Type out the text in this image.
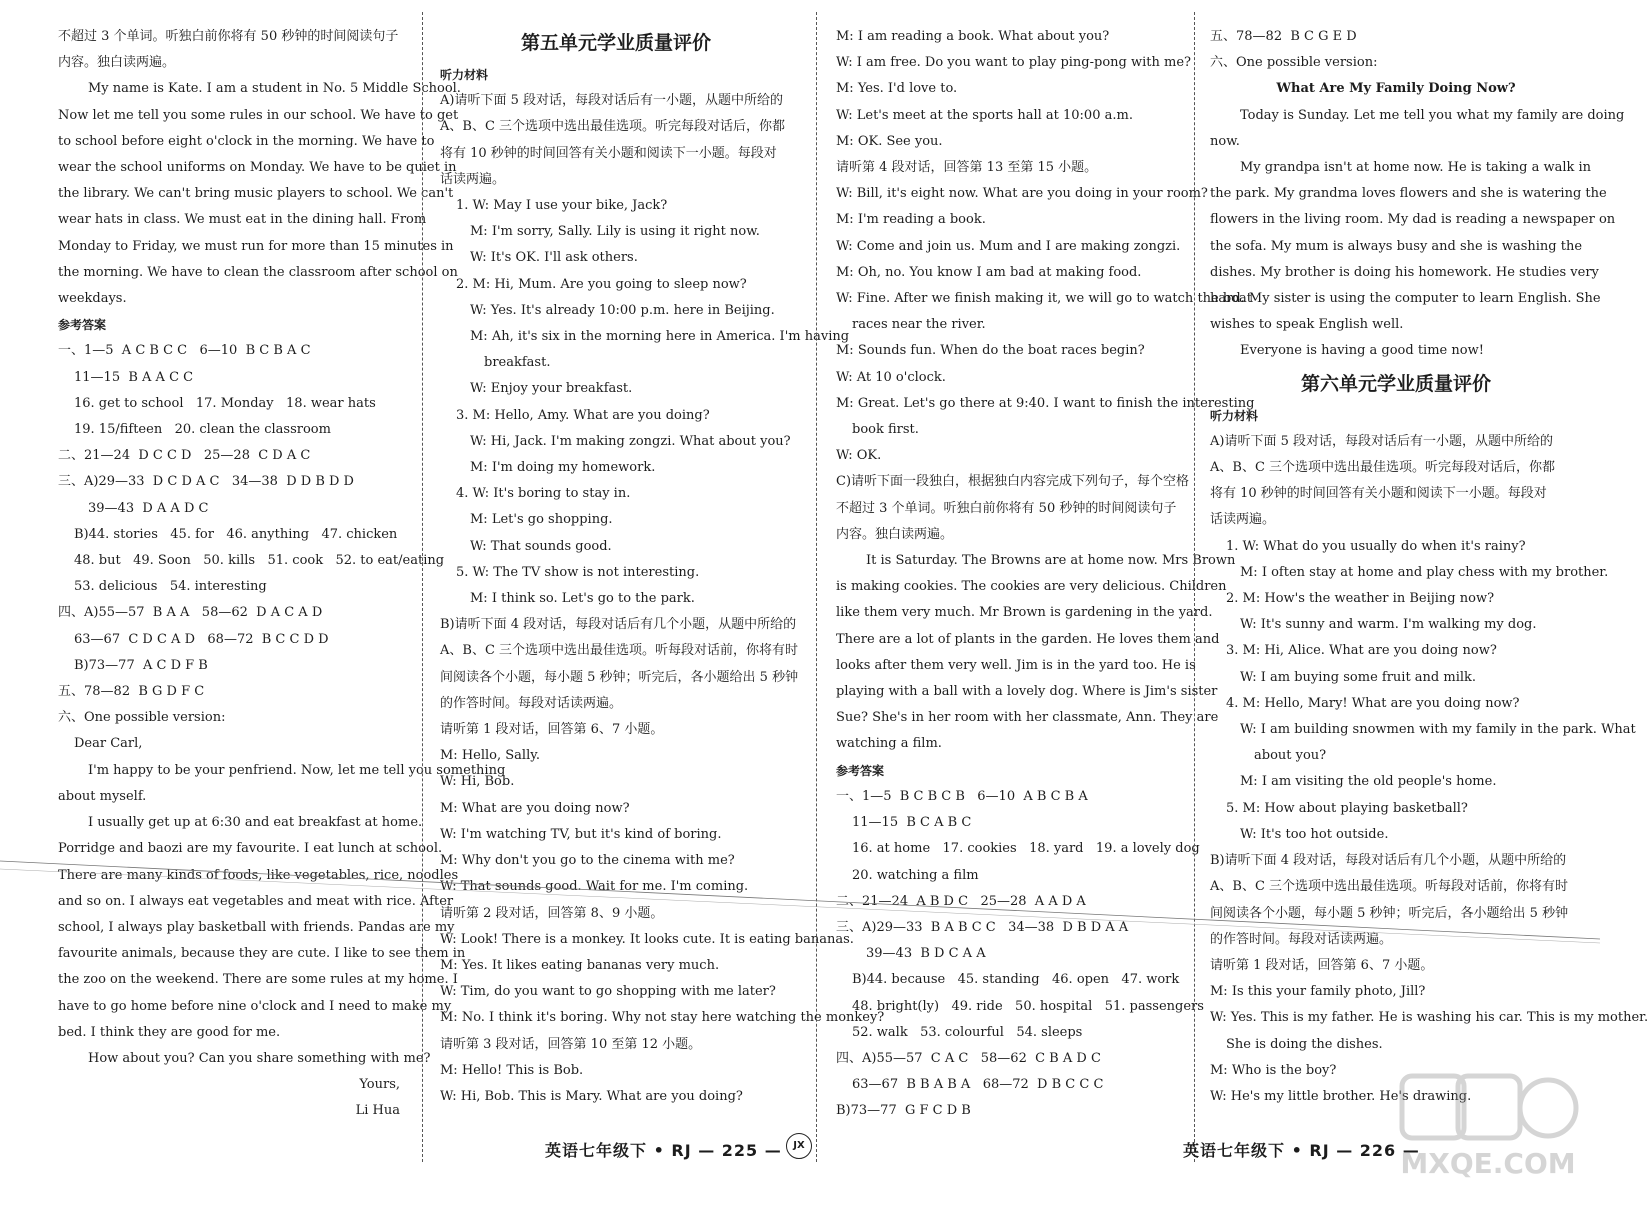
不超过 3 个单词。听独白前你将有 50 秒钟的时间阅读句子
内容。独白读两遍。
My name is Kate. I am a student in No. 5 Middle School.
Now let me tell you some rules in our school. We have to get
to school before eight o'clock in the morning. We have to
wear the school uniforms on Monday. We have to be quiet in
the library. We can't bring music players to school. We can't
wear hats in class. We must eat in the dining hall. From
Monday to Friday, we must run for more than 15 minutes in
the morning. We have to clean the classroom after school on
weekdays.
参考答案
一、1—5  A C B C C   6—10  B C B A C
11—15  B A A C C
16. get to school   17. Monday   18. wear hats
19. 15/fifteen   20. clean the classroom
二、21—24  D C C D   25—28  C D A C
三、A)29—33  D C D A C   34—38  D D B D D
39—43  D A A D C
B)44. stories   45. for   46. anything   47. chicken
48. but   49. Soon   50. kills   51. cook   52. to eat/eating
53. delicious   54. interesting
四、A)55—57  B A A   58—62  D A C A D
63—67  C D C A D   68—72  B C C D D
B)73—77  A C D F B
五、78—82  B G D F C
六、One possible version:
Dear Carl,
I'm happy to be your penfriend. Now, let me tell you something
about myself.
I usually get up at 6:30 and eat breakfast at home.
Porridge and baozi are my favourite. I eat lunch at school.
There are many kinds of foods, like vegetables, rice, noodles
and so on. I always eat vegetables and meat with rice. After
school, I always play basketball with friends. Pandas are my
favourite animals, because they are cute. I like to see them in
the zoo on the weekend. There are some rules at my home. I
have to go home before nine o'clock and I need to make my
bed. I think they are good for me.
How about you? Can you share something with me?
Yours,
Li Hua
第五单元学业质量评价
听力材料
A)请听下面 5 段对话，每段对话后有一小题，从题中所给的
A、B、C 三个选项中选出最佳选项。听完每段对话后，你都
将有 10 秒钟的时间回答有关小题和阅读下一小题。每段对
话读两遍。
1. W: May I use your bike, Jack?
M: I'm sorry, Sally. Lily is using it right now.
W: It's OK. I'll ask others.
2. M: Hi, Mum. Are you going to sleep now?
W: Yes. It's already 10:00 p.m. here in Beijing.
M: Ah, it's six in the morning here in America. I'm having
breakfast.
W: Enjoy your breakfast.
3. M: Hello, Amy. What are you doing?
W: Hi, Jack. I'm making zongzi. What about you?
M: I'm doing my homework.
4. W: It's boring to stay in.
M: Let's go shopping.
W: That sounds good.
5. W: The TV show is not interesting.
M: I think so. Let's go to the park.
B)请听下面 4 段对话，每段对话后有几个小题，从题中所给的
A、B、C 三个选项中选出最佳选项。听每段对话前，你将有时
间阅读各个小题，每小题 5 秒钟；听完后，各小题给出 5 秒钟
的作答时间。每段对话读两遍。
请听第 1 段对话，回答第 6、7 小题。
M: Hello, Sally.
W: Hi, Bob.
M: What are you doing now?
W: I'm watching TV, but it's kind of boring.
M: Why don't you go to the cinema with me?
W: That sounds good. Wait for me. I'm coming.
请听第 2 段对话，回答第 8、9 小题。
W: Look! There is a monkey. It looks cute. It is eating bananas.
M: Yes. It likes eating bananas very much.
W: Tim, do you want to go shopping with me later?
M: No. I think it's boring. Why not stay here watching the monkey?
请听第 3 段对话，回答第 10 至第 12 小题。
M: Hello! This is Bob.
W: Hi, Bob. This is Mary. What are you doing?
M: I am reading a book. What about you?
W: I am free. Do you want to play ping-pong with me?
M: Yes. I'd love to.
W: Let's meet at the sports hall at 10:00 a.m.
M: OK. See you.
请听第 4 段对话，回答第 13 至第 15 小题。
W: Bill, it's eight now. What are you doing in your room?
M: I'm reading a book.
W: Come and join us. Mum and I are making zongzi.
M: Oh, no. You know I am bad at making food.
W: Fine. After we finish making it, we will go to watch the boat
races near the river.
M: Sounds fun. When do the boat races begin?
W: At 10 o'clock.
M: Great. Let's go there at 9:40. I want to finish the interesting
book first.
W: OK.
C)请听下面一段独白，根据独白内容完成下列句子，每个空格
不超过 3 个单词。听独白前你将有 50 秒钟的时间阅读句子
内容。独白读两遍。
It is Saturday. The Browns are at home now. Mrs Brown
is making cookies. The cookies are very delicious. Children
like them very much. Mr Brown is gardening in the yard.
There are a lot of plants in the garden. He loves them and
looks after them very well. Jim is in the yard too. He is
playing with a ball with a lovely dog. Where is Jim's sister
Sue? She's in her room with her classmate, Ann. They are
watching a film.
参考答案
一、1—5  B C B C B   6—10  A B C B A
11—15  B C A B C
16. at home   17. cookies   18. yard   19. a lovely dog
20. watching a film
二、21—24  A B D C   25—28  A A D A
三、A)29—33  B A B C C   34—38  D B D A A
39—43  B D C A A
B)44. because   45. standing   46. open   47. work
48. bright(ly)   49. ride   50. hospital   51. passengers
52. walk   53. colourful   54. sleeps
四、A)55—57  C A C   58—62  C B A D C
63—67  B B A B A   68—72  D B C C C
B)73—77  G F C D B
五、78—82  B C G E D
六、One possible version:
What Are My Family Doing Now?
Today is Sunday. Let me tell you what my family are doing
now.
My grandpa isn't at home now. He is taking a walk in
the park. My grandma loves flowers and she is watering the
flowers in the living room. My dad is reading a newspaper on
the sofa. My mum is always busy and she is washing the
dishes. My brother is doing his homework. He studies very
hard. My sister is using the computer to learn English. She
wishes to speak English well.
Everyone is having a good time now!
第六单元学业质量评价
听力材料
A)请听下面 5 段对话，每段对话后有一小题，从题中所给的
A、B、C 三个选项中选出最佳选项。听完每段对话后，你都
将有 10 秒钟的时间回答有关小题和阅读下一小题。每段对
话读两遍。
1. W: What do you usually do when it's rainy?
M: I often stay at home and play chess with my brother.
2. M: How's the weather in Beijing now?
W: It's sunny and warm. I'm walking my dog.
3. M: Hi, Alice. What are you doing now?
W: I am buying some fruit and milk.
4. M: Hello, Mary! What are you doing now?
W: I am building snowmen with my family in the park. What
about you?
M: I am visiting the old people's home.
5. M: How about playing basketball?
W: It's too hot outside.
B)请听下面 4 段对话，每段对话后有几个小题，从题中所给的
A、B、C 三个选项中选出最佳选项。听每段对话前，你将有时
间阅读各个小题，每小题 5 秒钟；听完后，各小题给出 5 秒钟
的作答时间。每段对话读两遍。
请听第 1 段对话，回答第 6、7 小题。
M: Is this your family photo, Jill?
W: Yes. This is my father. He is washing his car. This is my mother.
She is doing the dishes.
M: Who is the boy?
W: He's my little brother. He's drawing.
英语七年级下 • RJ — 225 —	JX	英语七年级下 • RJ — 226 —
MXQE.COM
